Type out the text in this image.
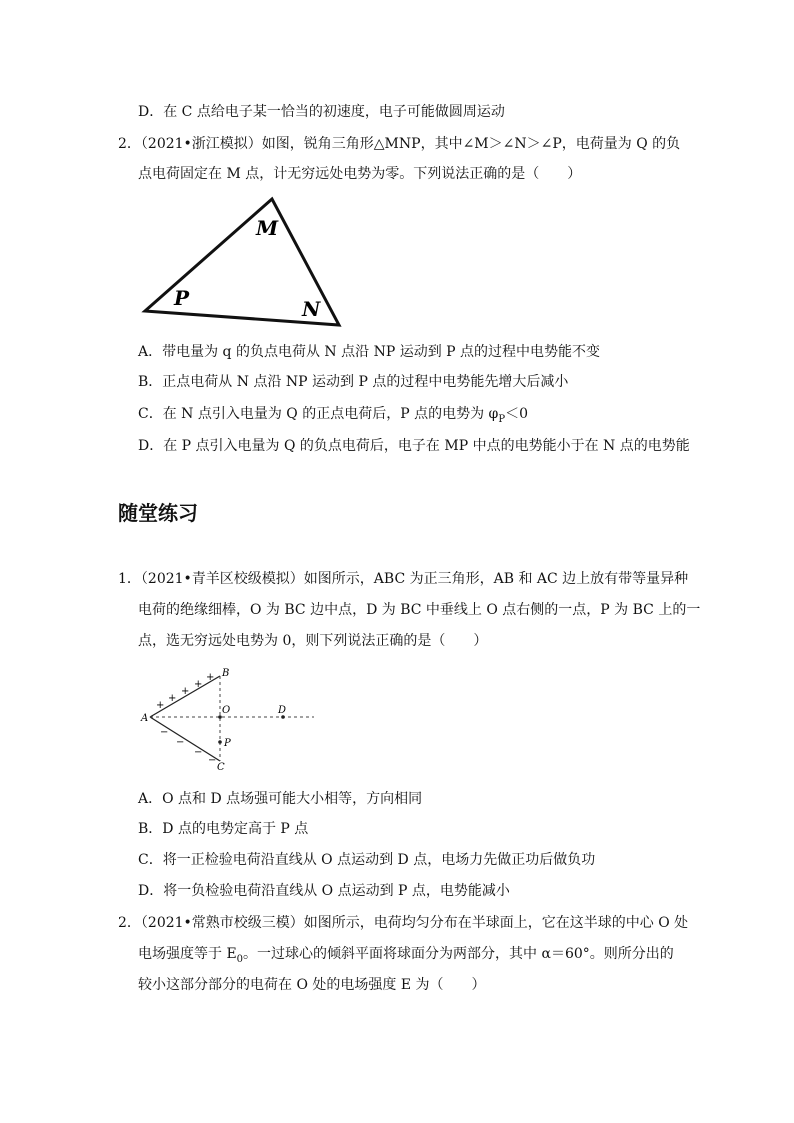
D．在 C 点给电子某一恰当的初速度，电子可能做圆周运动
2．（2021•浙江模拟）如图，锐角三角形△MNP，其中∠M＞∠N＞∠P，电荷量为 Q 的负
点电荷固定在 M 点，计无穷远处电势为零。下列说法正确的是（　　）
M
P	N
A．带电量为 q 的负点电荷从 N 点沿 NP 运动到 P 点的过程中电势能不变
B．正点电荷从 N 点沿 NP 运动到 P 点的过程中电势能先增大后减小
C．在 N 点引入电量为 Q 的正点电荷后，P 点的电势为 $\varphi_P<0$
D．在 P 点引入电量为 Q 的负点电荷后，电子在 MP 中点的电势能小于在 N 点的电势能
随堂练习
1．（2021•青羊区校级模拟）如图所示，ABC 为正三角形，AB 和 AC 边上放有带等量异种
电荷的绝缘细棒，O 为 BC 边中点，D 为 BC 中垂线上 O 点右侧的一点，P 为 BC 上的一
点，选无穷远处电势为 0，则下列说法正确的是（　　）
A
B
C
O	D
P
+
+
+
+
+
−
−
−
−
A．O 点和 D 点场强可能大小相等，方向相同
B．D 点的电势定高于 P 点
C．将一正检验电荷沿直线从 O 点运动到 D 点，电场力先做正功后做负功
D．将一负检验电荷沿直线从 O 点运动到 P 点，电势能减小
2．（2021•常熟市校级三模）如图所示，电荷均匀分布在半球面上，它在这半球的中心 O 处
电场强度等于 $E_0$。一过球心的倾斜平面将球面分为两部分，其中 α＝60°。则所分出的
较小这部分部分的电荷在 O 处的电场强度 E 为（　　）
